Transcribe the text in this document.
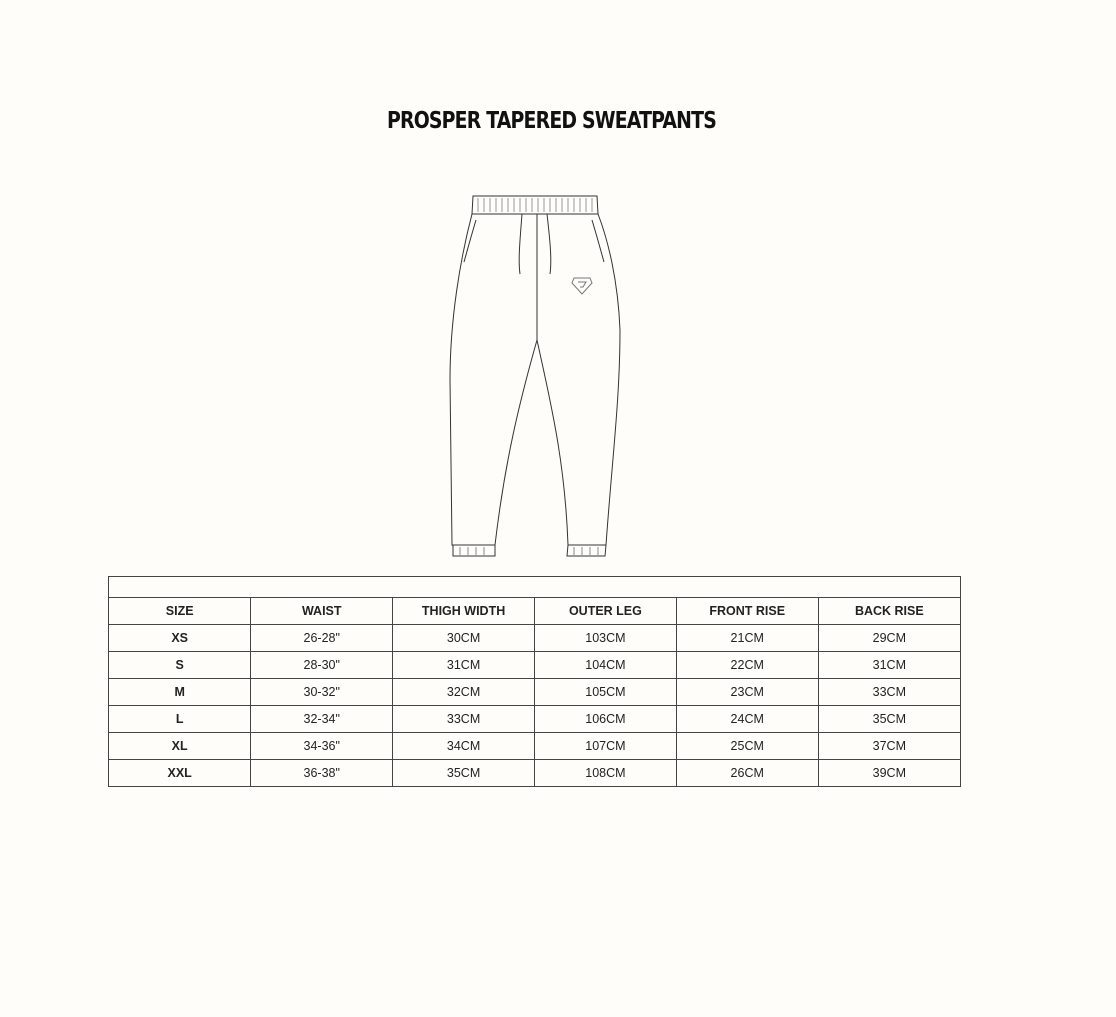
PROSPER TAPERED SWEATPANTS
SIZE	WAIST	THIGH WIDTH	OUTER LEG	FRONT RISE	BACK RISE
XS	26-28"	30CM	103CM	21CM	29CM
S	28-30"	31CM	104CM	22CM	31CM
M	30-32"	32CM	105CM	23CM	33CM
L	32-34"	33CM	106CM	24CM	35CM
XL	34-36"	34CM	107CM	25CM	37CM
XXL	36-38"	35CM	108CM	26CM	39CM
